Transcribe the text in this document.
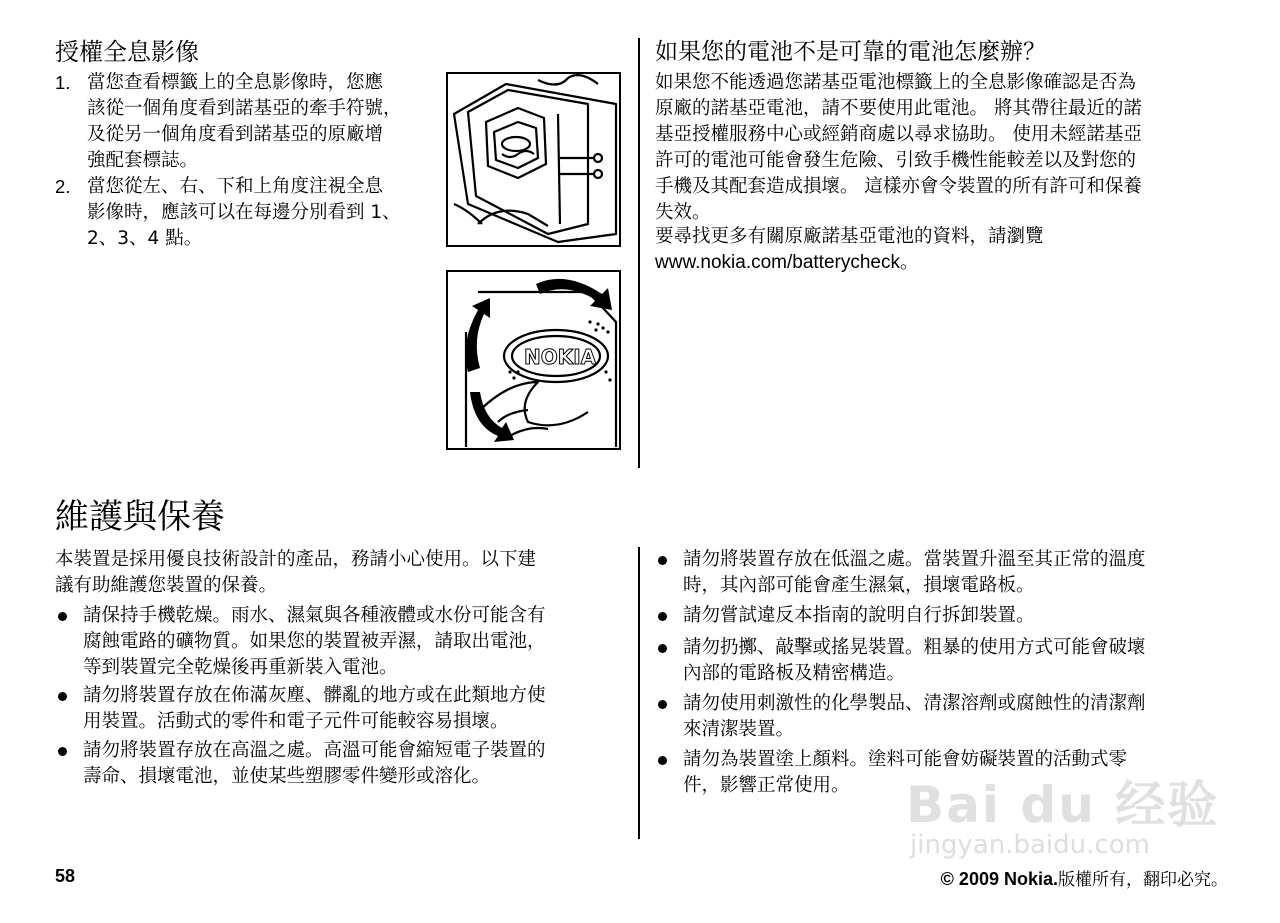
授權全息影像
1. 當您查看標籤上的全息影像時，您應
該從一個角度看到諾基亞的牽手符號，
及從另一個角度看到諾基亞的原廠增
強配套標誌。
2. 當您從左、右、下和上角度注視全息
影像時，應該可以在每邊分別看到 1、
2、3、4 點。
NOKIA
如果您的電池不是可靠的電池怎麼辦？
如果您不能透過您諾基亞電池標籤上的全息影像確認是否為
原廠的諾基亞電池，請不要使用此電池。 將其帶往最近的諾
基亞授權服務中心或經銷商處以尋求協助。 使用未經諾基亞
許可的電池可能會發生危險、引致手機性能較差以及對您的
手機及其配套造成損壞。 這樣亦會令裝置的所有許可和保養
失效。
要尋找更多有關原廠諾基亞電池的資料，請瀏覽
www.nokia.com/batterycheck。
維護與保養
本裝置是採用優良技術設計的產品，務請小心使用。以下建
議有助維護您裝置的保養。
請保持手機乾燥。雨水、濕氣與各種液體或水份可能含有
腐蝕電路的礦物質。如果您的裝置被弄濕，請取出電池，
等到裝置完全乾燥後再重新裝入電池。
請勿將裝置存放在佈滿灰塵、髒亂的地方或在此類地方使
用裝置。活動式的零件和電子元件可能較容易損壞。
請勿將裝置存放在高溫之處。高溫可能會縮短電子裝置的
壽命、損壞電池，並使某些塑膠零件變形或溶化。
請勿將裝置存放在低溫之處。當裝置升溫至其正常的溫度
時，其內部可能會產生濕氣，損壞電路板。
請勿嘗試違反本指南的說明自行拆卸裝置。
請勿扔擲、敲擊或搖晃裝置。粗暴的使用方式可能會破壞
內部的電路板及精密構造。
請勿使用刺激性的化學製品、清潔溶劑或腐蝕性的清潔劑
來清潔裝置。
請勿為裝置塗上顏料。塗料可能會妨礙裝置的活動式零
件，影響正常使用。	Bai du 经验
jingyan.baidu.com
58	© 2009 Nokia.版權所有，翻印必究。
